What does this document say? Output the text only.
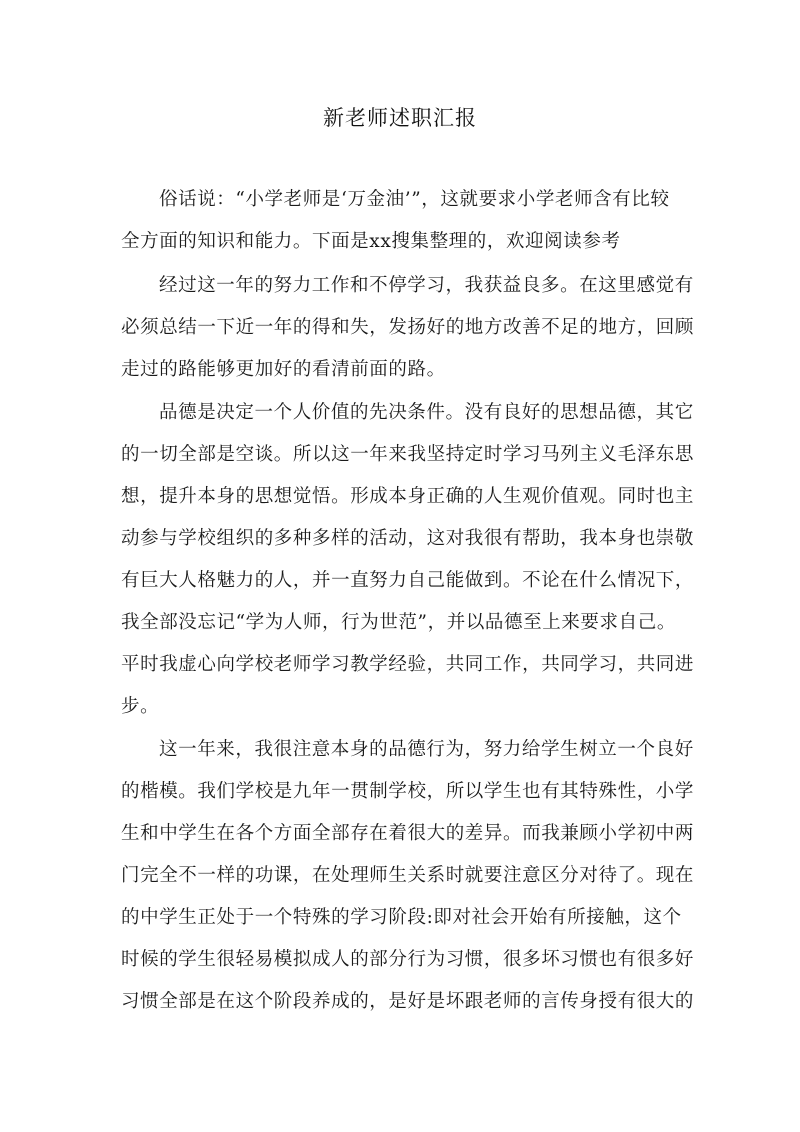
新老师述职汇报
俗话说：“小学老师是‘万金油’”，这就要求小学老师含有比较
全方面的知识和能力。下面是xx搜集整理的，欢迎阅读参考
经过这一年的努力工作和不停学习，我获益良多。在这里感觉有
必须总结一下近一年的得和失，发扬好的地方改善不足的地方，回顾
走过的路能够更加好的看清前面的路。
品德是决定一个人价值的先决条件。没有良好的思想品德，其它
的一切全部是空谈。所以这一年来我坚持定时学习马列主义毛泽东思
想，提升本身的思想觉悟。形成本身正确的人生观价值观。同时也主
动参与学校组织的多种多样的活动，这对我很有帮助，我本身也崇敬
有巨大人格魅力的人，并一直努力自己能做到。不论在什么情况下，
我全部没忘记“学为人师，行为世范”，并以品德至上来要求自己。
平时我虚心向学校老师学习教学经验，共同工作，共同学习，共同进
步。
这一年来，我很注意本身的品德行为，努力给学生树立一个良好
的楷模。我们学校是九年一贯制学校，所以学生也有其特殊性，小学
生和中学生在各个方面全部存在着很大的差异。而我兼顾小学初中两
门完全不一样的功课，在处理师生关系时就要注意区分对待了。现在
的中学生正处于一个特殊的学习阶段:即对社会开始有所接触，这个
时候的学生很轻易模拟成人的部分行为习惯，很多坏习惯也有很多好
习惯全部是在这个阶段养成的，是好是坏跟老师的言传身授有很大的
